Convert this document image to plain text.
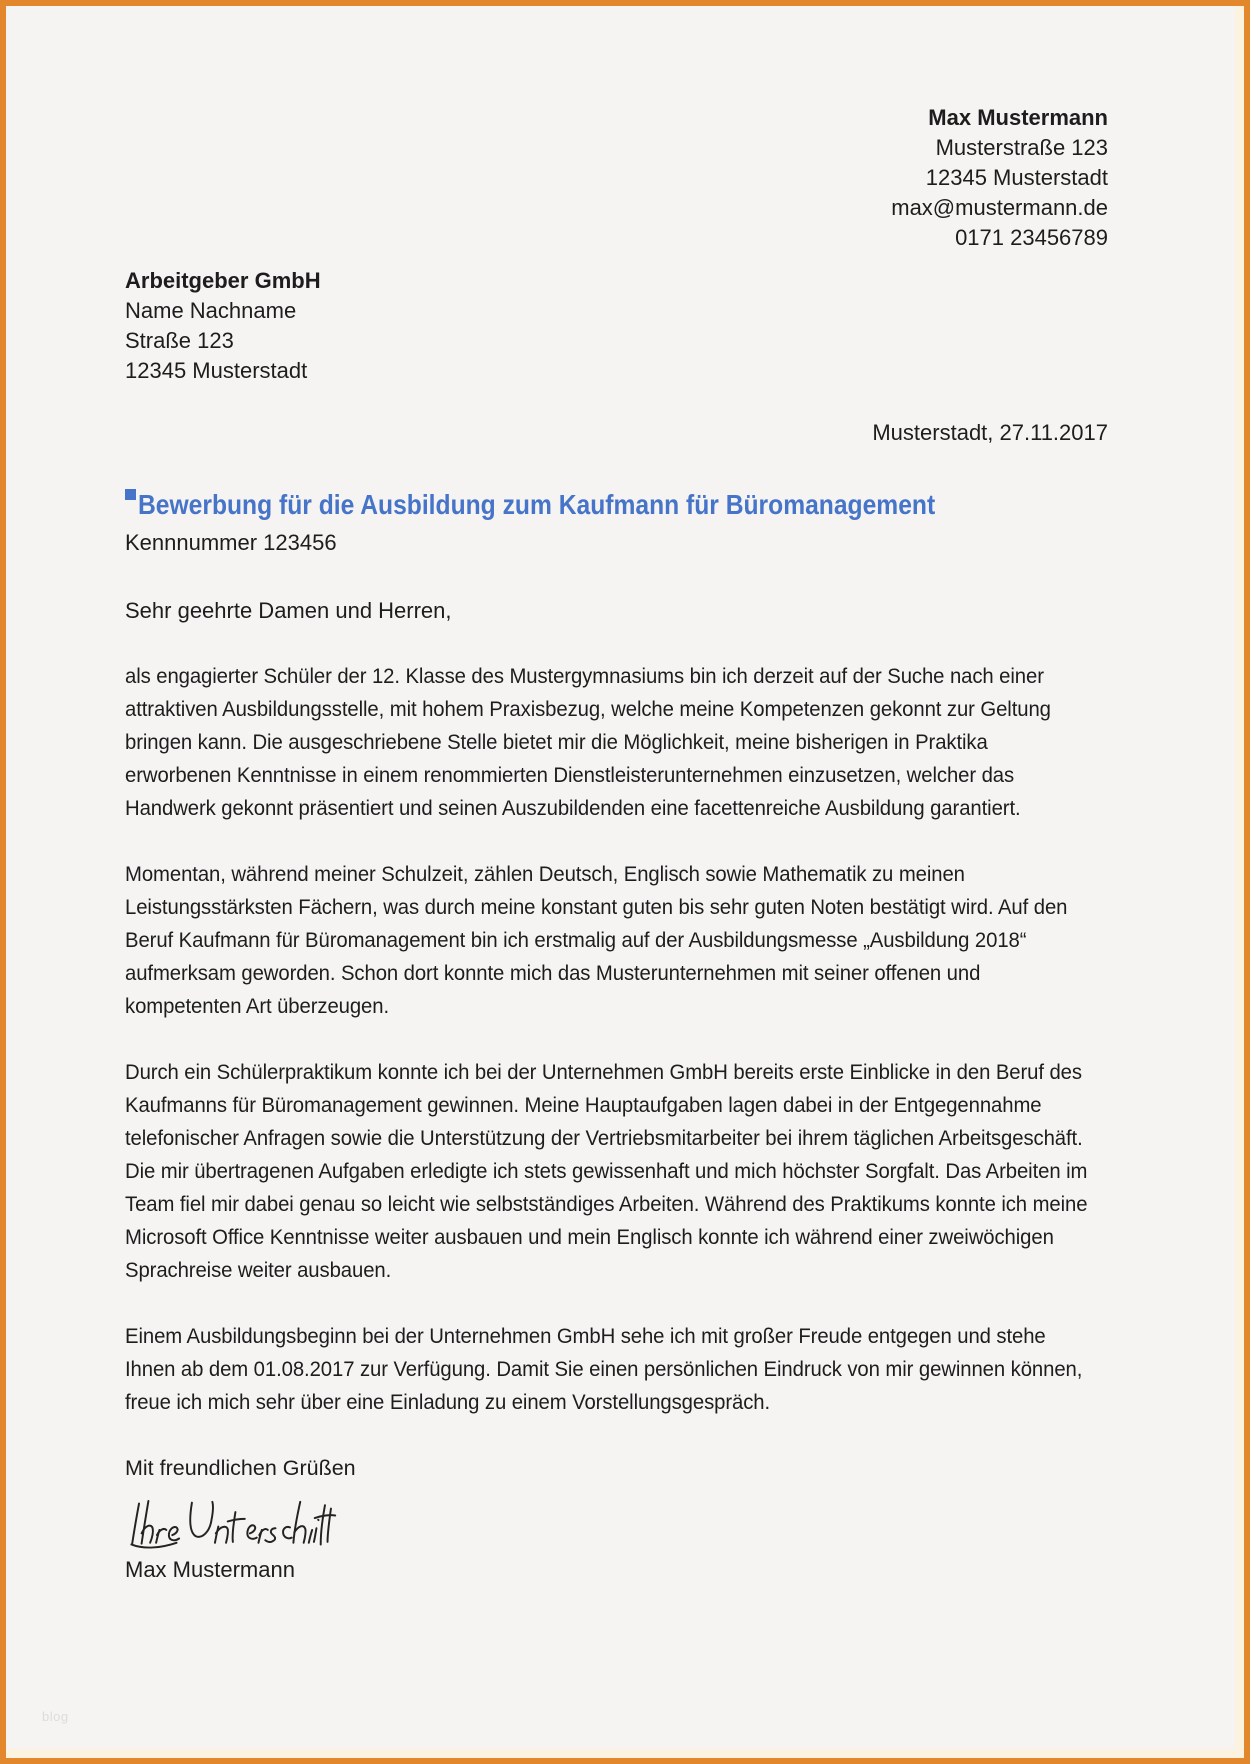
Max Mustermann
Musterstraße 123
12345 Musterstadt
max@mustermann.de
0171 23456789
Arbeitgeber GmbH
Name Nachname
Straße 123
12345 Musterstadt
Musterstadt, 27.11.2017
Bewerbung für die Ausbildung zum Kaufmann für Büromanagement
Kennnummer 123456
Sehr geehrte Damen und Herren,

als engagierter Schüler der 12. Klasse des Mustergymnasiums bin ich derzeit auf der Suche nach einer attraktiven Ausbildungsstelle, mit hohem Praxisbezug, welche meine Kompetenzen gekonnt zur Geltung bringen kann. Die ausgeschriebene Stelle bietet mir die Möglichkeit, meine bisherigen in Praktika erworbenen Kenntnisse in einem renommierten Dienstleisterunternehmen einzusetzen, welcher das Handwerk gekonnt präsentiert und seinen Auszubildenden eine facettenreiche Ausbildung garantiert.

Momentan, während meiner Schulzeit, zählen Deutsch, Englisch sowie Mathematik zu meinen Leistungsstärksten Fächern, was durch meine konstant guten bis sehr guten Noten bestätigt wird. Auf den Beruf Kaufmann für Büromanagement bin ich erstmalig auf der Ausbildungsmesse „Ausbildung 2018“ aufmerksam geworden. Schon dort konnte mich das Musterunternehmen mit seiner offenen und kompetenten Art überzeugen.

Durch ein Schülerpraktikum konnte ich bei der Unternehmen GmbH bereits erste Einblicke in den Beruf des Kaufmanns für Büromanagement gewinnen. Meine Hauptaufgaben lagen dabei in der Entgegennahme telefonischer Anfragen sowie die Unterstützung der Vertriebsmitarbeiter bei ihrem täglichen Arbeitsgeschäft. Die mir übertragenen Aufgaben erledigte ich stets gewissenhaft und mich höchster Sorgfalt. Das Arbeiten im Team fiel mir dabei genau so leicht wie selbstständiges Arbeiten. Während des Praktikums konnte ich meine Microsoft Office Kenntnisse weiter ausbauen und mein Englisch konnte ich während einer zweiwöchigen Sprachreise weiter ausbauen.

Einem Ausbildungsbeginn bei der Unternehmen GmbH sehe ich mit großer Freude entgegen und stehe Ihnen ab dem 01.08.2017 zur Verfügung. Damit Sie einen persönlichen Eindruck von mir gewinnen können, freue ich mich sehr über eine Einladung zu einem Vorstellungsgespräch.

Mit freundlichen Grüßen
Max Mustermann
blog
